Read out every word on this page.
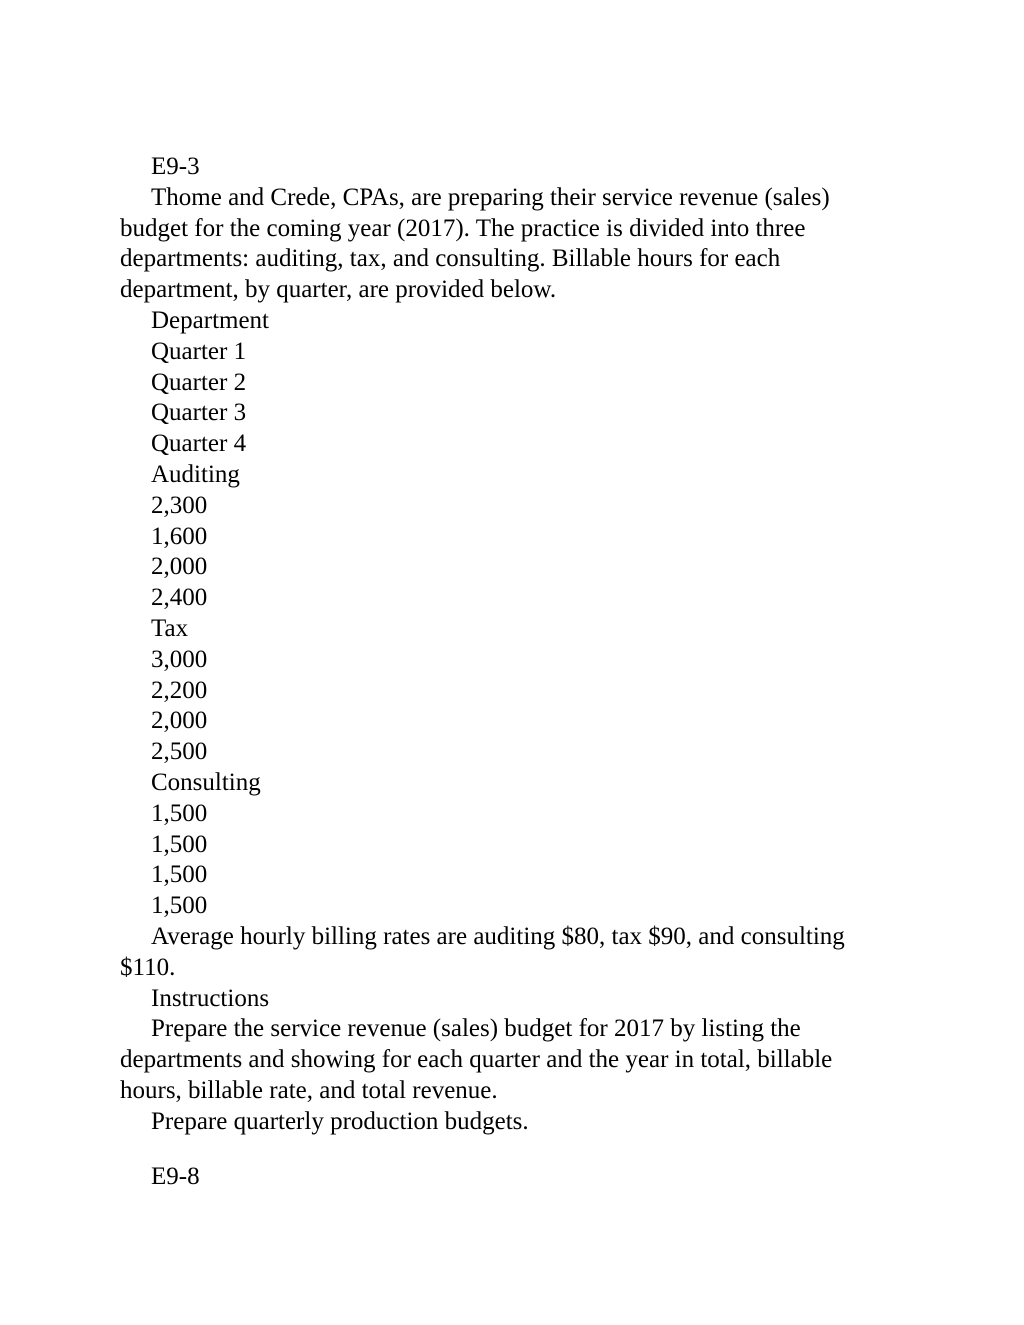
E9-3
Thome and Crede, CPAs, are preparing their service revenue (sales)
budget for the coming year (2017). The practice is divided into three
departments: auditing, tax, and consulting. Billable hours for each
department, by quarter, are provided below.
Department
Quarter 1
Quarter 2
Quarter 3
Quarter 4
Auditing
2,300
1,600
2,000
2,400
Tax
3,000
2,200
2,000
2,500
Consulting
1,500
1,500
1,500
1,500
Average hourly billing rates are auditing $80, tax $90, and consulting
$110.
Instructions
Prepare the service revenue (sales) budget for 2017 by listing the
departments and showing for each quarter and the year in total, billable
hours, billable rate, and total revenue.
Prepare quarterly production budgets.
E9-8
